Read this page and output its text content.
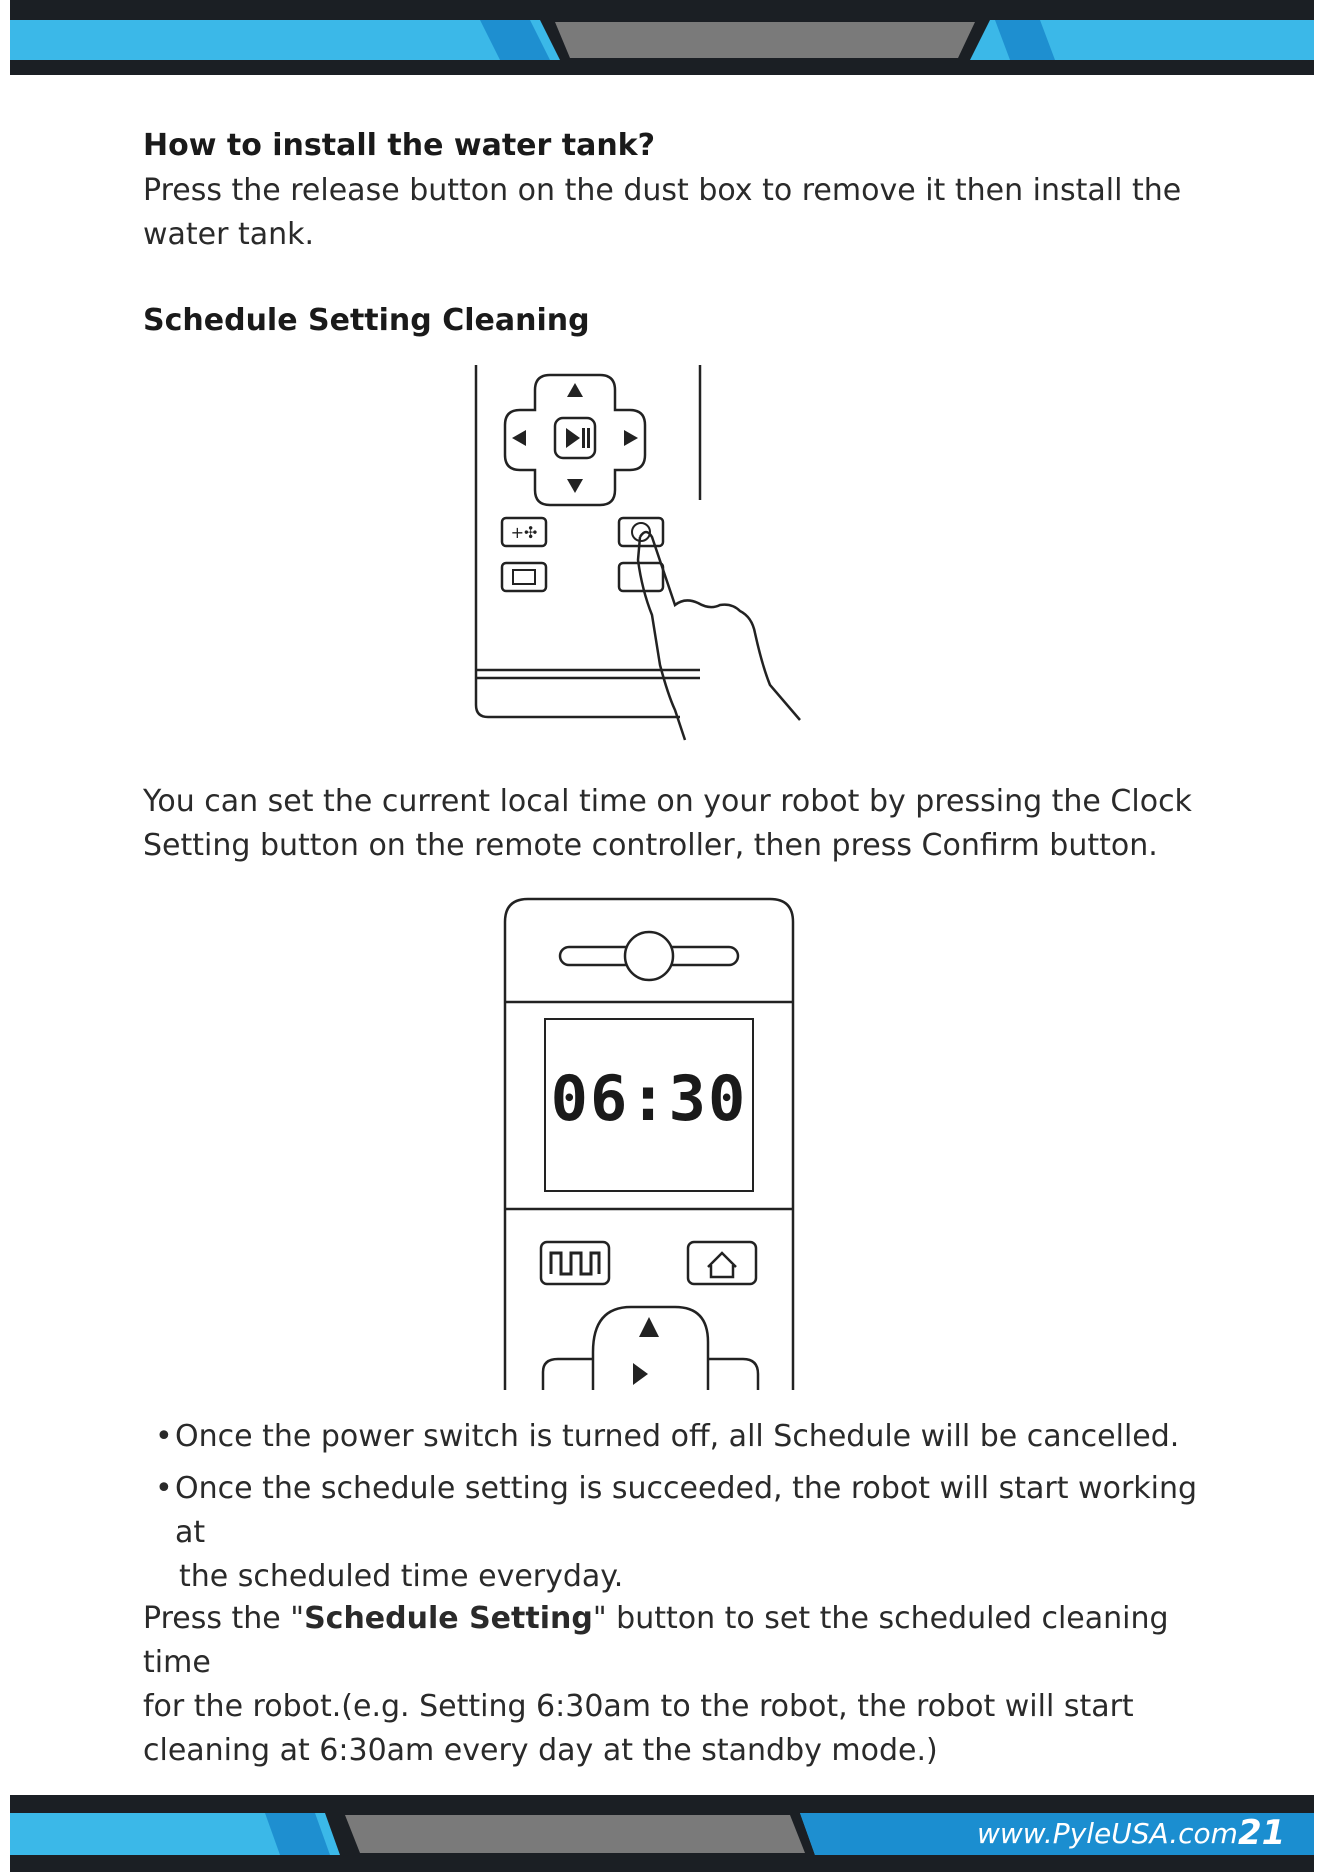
How to install the water tank?
Press the release button on the dust box to remove it then install the
water tank.
Schedule Setting Cleaning
+✣
You can set the current local time on your robot by pressing the Clock
Setting button on the remote controller, then press Confirm button.
06:30
• Once the power switch is turned off, all Schedule will be cancelled.
• Once the schedule setting is succeeded, the robot will start working at
the scheduled time everyday.
Press the "Schedule Setting" button to set the scheduled cleaning time
for the robot.(e.g. Setting 6:30am to the robot, the robot will start
cleaning at 6:30am every day at the standby mode.)
www.PyleUSA.com 21
